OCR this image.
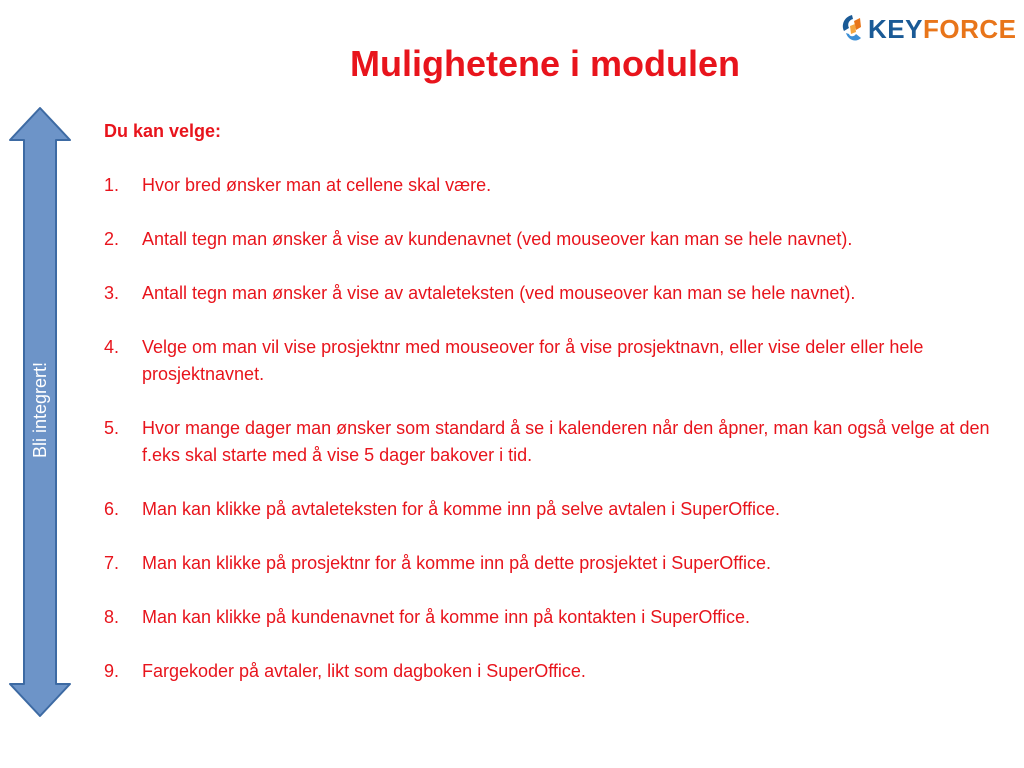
KEYFORCE
Mulighetene i modulen
Bli integrert!

Du kan velge:

1. Hvor bred ønsker man at cellene skal være.
2. Antall tegn man ønsker å vise av kundenavnet (ved mouseover kan man se hele navnet).
3. Antall tegn man ønsker å vise av avtaleteksten (ved mouseover kan man se hele navnet).
4. Velge om man vil vise prosjektnr med mouseover for å vise prosjektnavn, eller vise deler eller hele prosjektnavnet.
5. Hvor mange dager man ønsker som standard å se i kalenderen når den åpner, man kan også velge at den f.eks skal starte med å vise 5 dager bakover i tid.
6. Man kan klikke på avtaleteksten for å komme inn på selve avtalen i SuperOffice.
7. Man kan klikke på prosjektnr for å komme inn på dette prosjektet i SuperOffice.
8. Man kan klikke på kundenavnet for å komme inn på kontakten i SuperOffice.
9. Fargekoder på avtaler, likt som dagboken i SuperOffice.
